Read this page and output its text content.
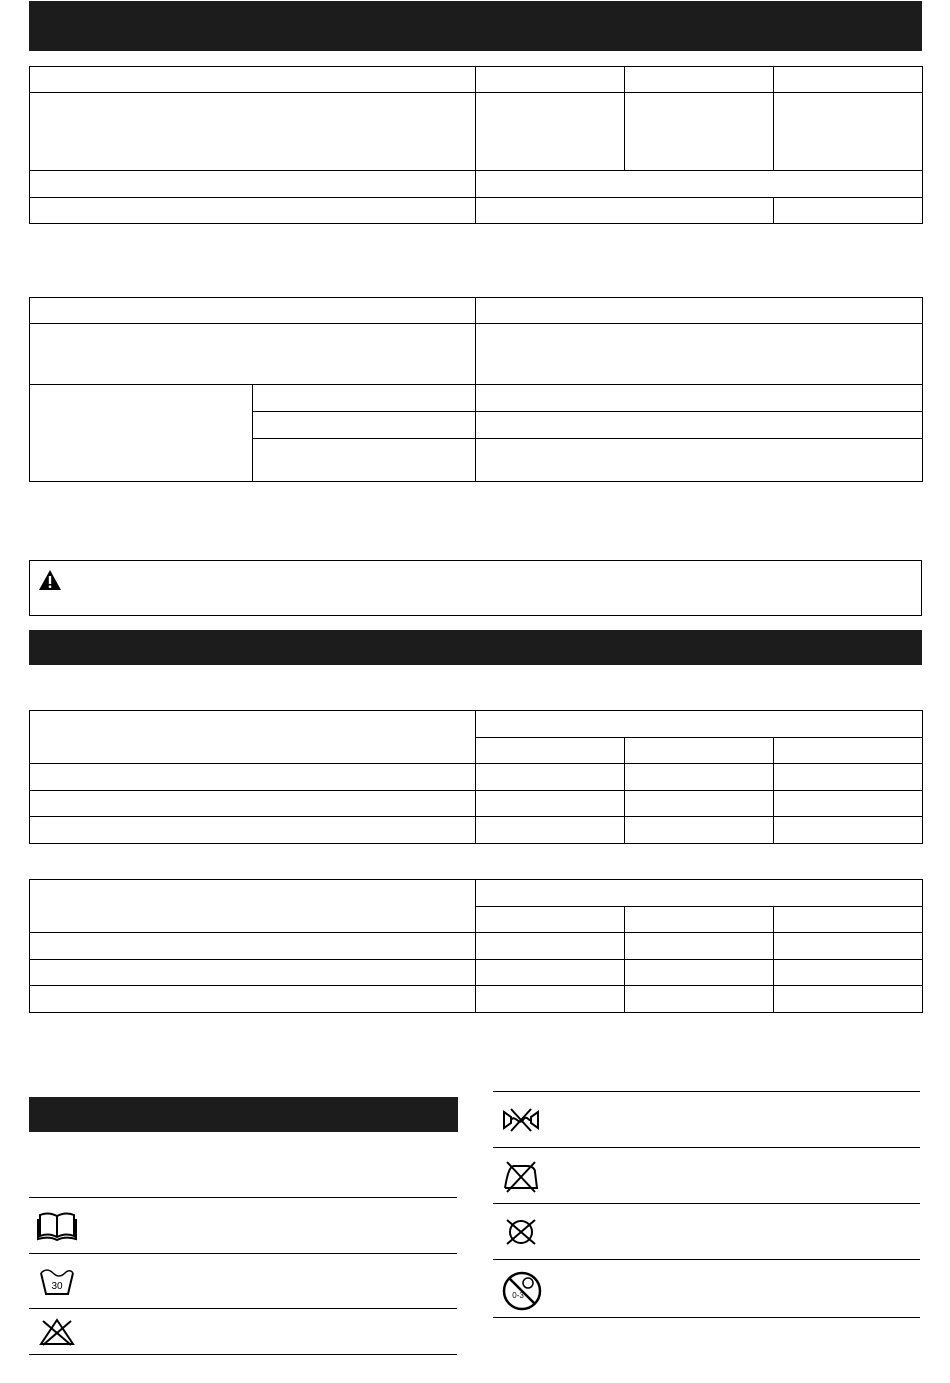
30
0-3
